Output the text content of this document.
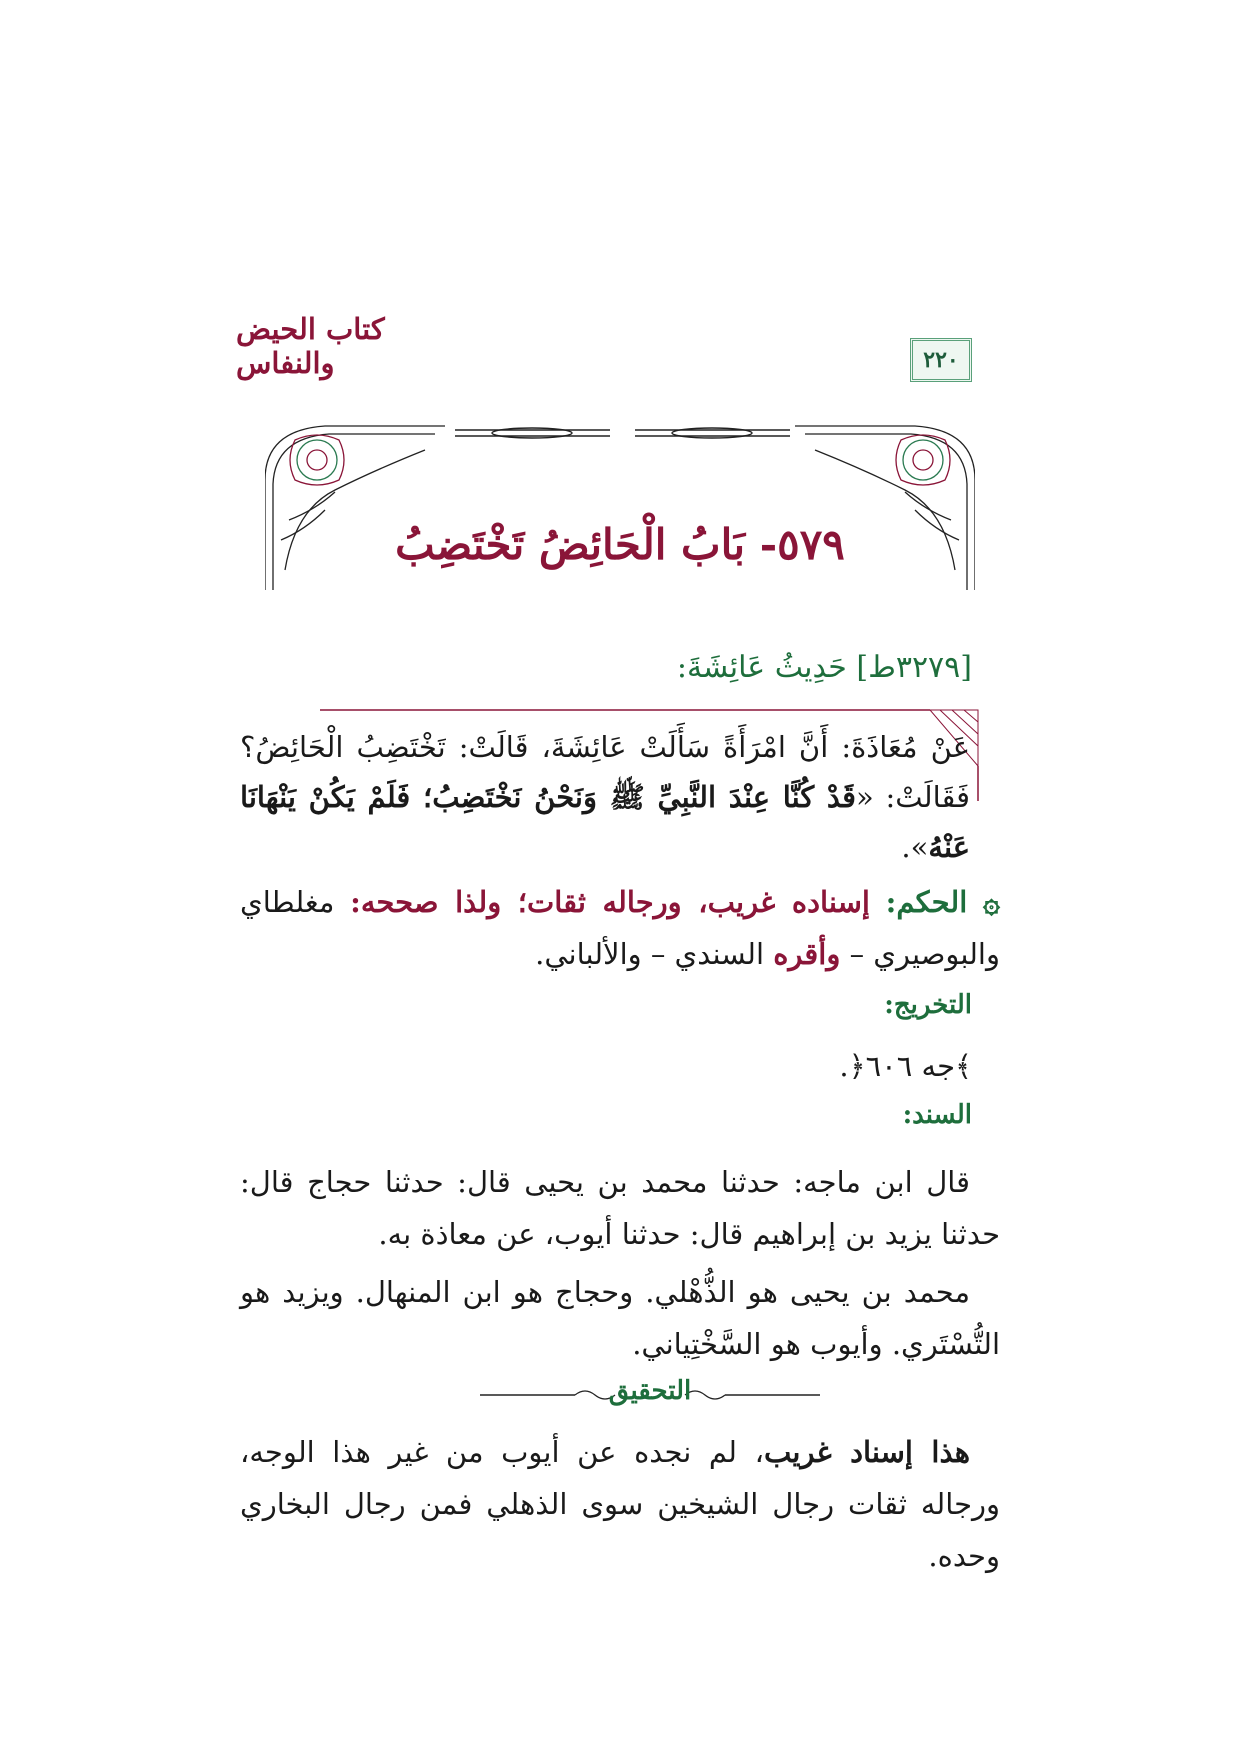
كتاب الحيض والنفاس	٢٢٠
٥٧٩- بَابُ الْحَائِضُ تَخْتَضِبُ
[٣٢٧٩ط] حَدِيثُ عَائِشَةَ:
عَنْ مُعَاذَةَ: أَنَّ امْرَأَةً سَأَلَتْ عَائِشَةَ، قَالَتْ: تَخْتَضِبُ الْحَائِضُ؟ فَقَالَتْ: «قَدْ كُنَّا عِنْدَ النَّبِيِّ ﷺ وَنَحْنُ نَخْتَضِبُ؛ فَلَمْ يَكُنْ يَنْهَانَا عَنْهُ».
۞ الحكم: إسناده غريب، ورجاله ثقات؛ ولذا صححه: مغلطاي والبوصيري – وأقره السندي – والألباني.
التخريج:
﴾جه ٦٠٦﴿.
السند:
قال ابن ماجه: حدثنا محمد بن يحيى قال: حدثنا حجاج قال: حدثنا يزيد بن إبراهيم قال: حدثنا أيوب، عن معاذة به.
محمد بن يحيى هو الذُّهْلي. وحجاج هو ابن المنهال. ويزيد هو التُّسْتَري. وأيوب هو السَّخْتِياني.
التحقيق
هذا إسناد غريب، لم نجده عن أيوب من غير هذا الوجه، ورجاله ثقات رجال الشيخين سوى الذهلي فمن رجال البخاري وحده.
